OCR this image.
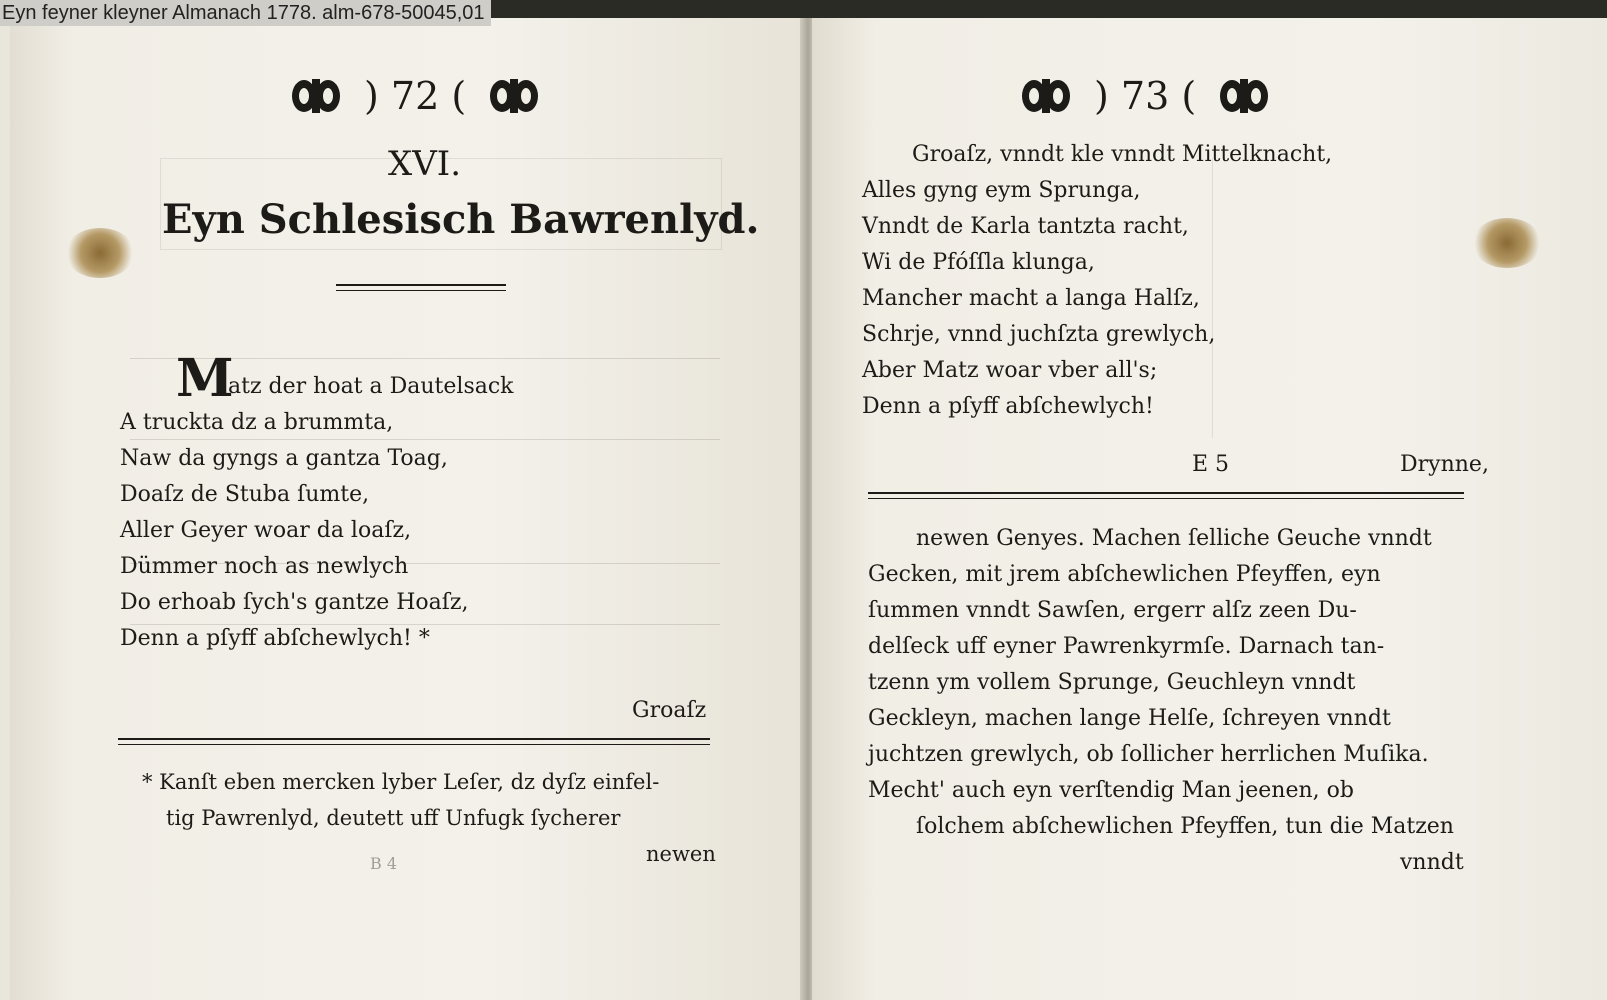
Eyn feyner kleyner Almanach 1778. alm-678-50045,01
) 72 (
XVI.
Eyn Schlesisch Bawrenlyd.
M
atz der hoat a Dautelsack
A truckta dz a brummta,
Naw da gyngs a gantza Toag,
Doaſz de Stuba ſumte,
Aller Geyer woar da loaſz,
Dümmer noch as newlych
Do erhoab ſych's gantze Hoaſz,
Denn a pſyff abſchewlych! *
Groaſz
* Kanſt eben mercken lyber Leſer, dz dyſz einfel-
tig Pawrenlyd, deutett uff Unfugk ſycherer
newen
B 4
) 73 (
Groaſz, vnndt kle vnndt Mittelknacht,
Alles gyng eym Sprunga,
Vnndt de Karla tantzta racht,
Wi de Pfóſſla klunga,
Mancher macht a langa Halſz,
Schrje, vnnd juchſzta grewlych,
Aber Matz woar vber all's;
Denn a pſyff abſchewlych!
E 5	Drynne,
newen Genyes. Machen ſelliche Geuche vnndt
Gecken, mit jrem abſchewlichen Pfeyffen, eyn
ſummen vnndt Sawſen, ergerr alſz zeen Du-
delſeck uff eyner Pawrenkyrmſe. Darnach tan-
tzenn ym vollem Sprunge, Geuchleyn vnndt
Geckleyn, machen lange Helſe, ſchreyen vnndt
juchtzen grewlych, ob ſollicher herrlichen Muſika.
Mecht' auch eyn verſtendig Man jeenen, ob
ſolchem abſchewlichen Pfeyffen, tun die Matzen
vnndt
